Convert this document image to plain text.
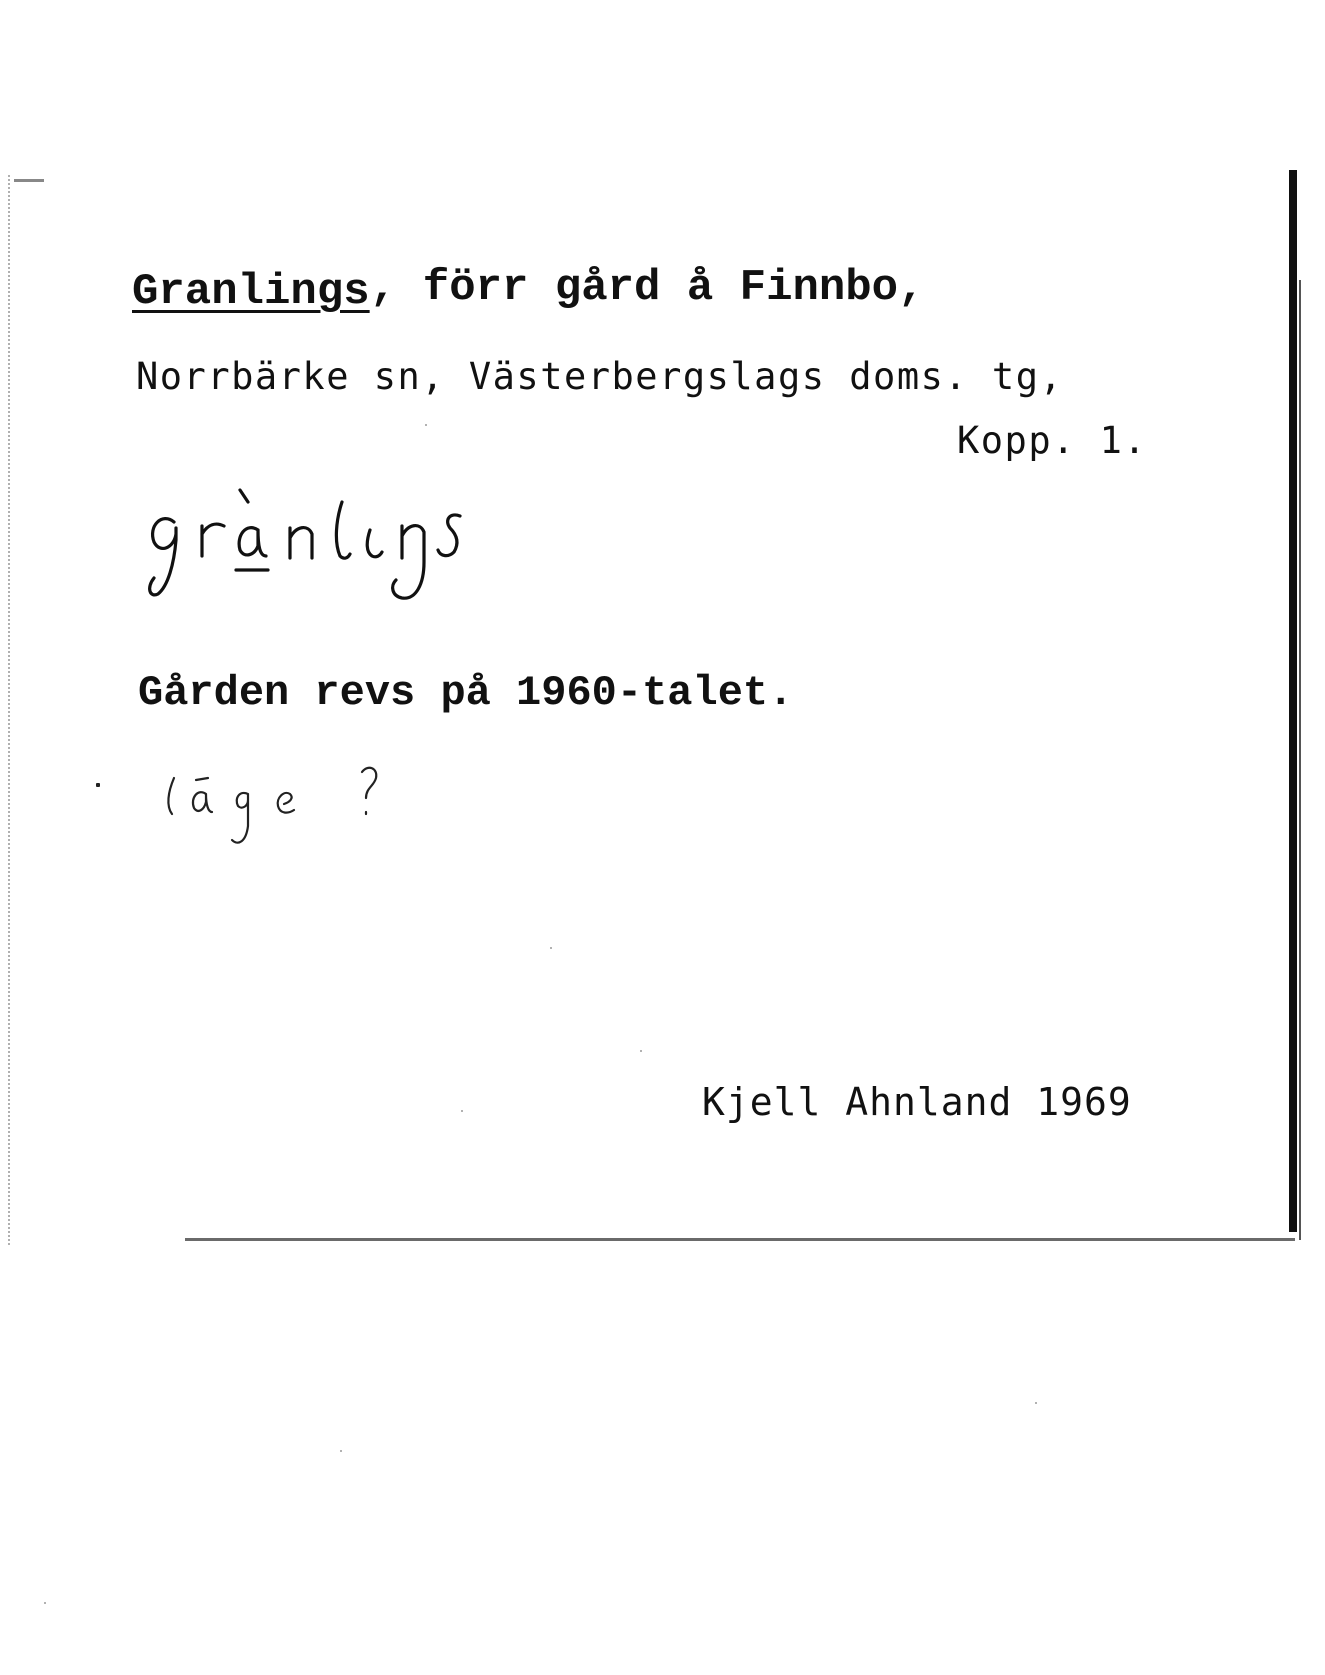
Granlings , förr gård å Finnbo,
Norrbärke sn, Västerbergslags doms. tg,
Kopp. 1.
Gården revs på 1960-talet.
Kjell Ahnland 1969
